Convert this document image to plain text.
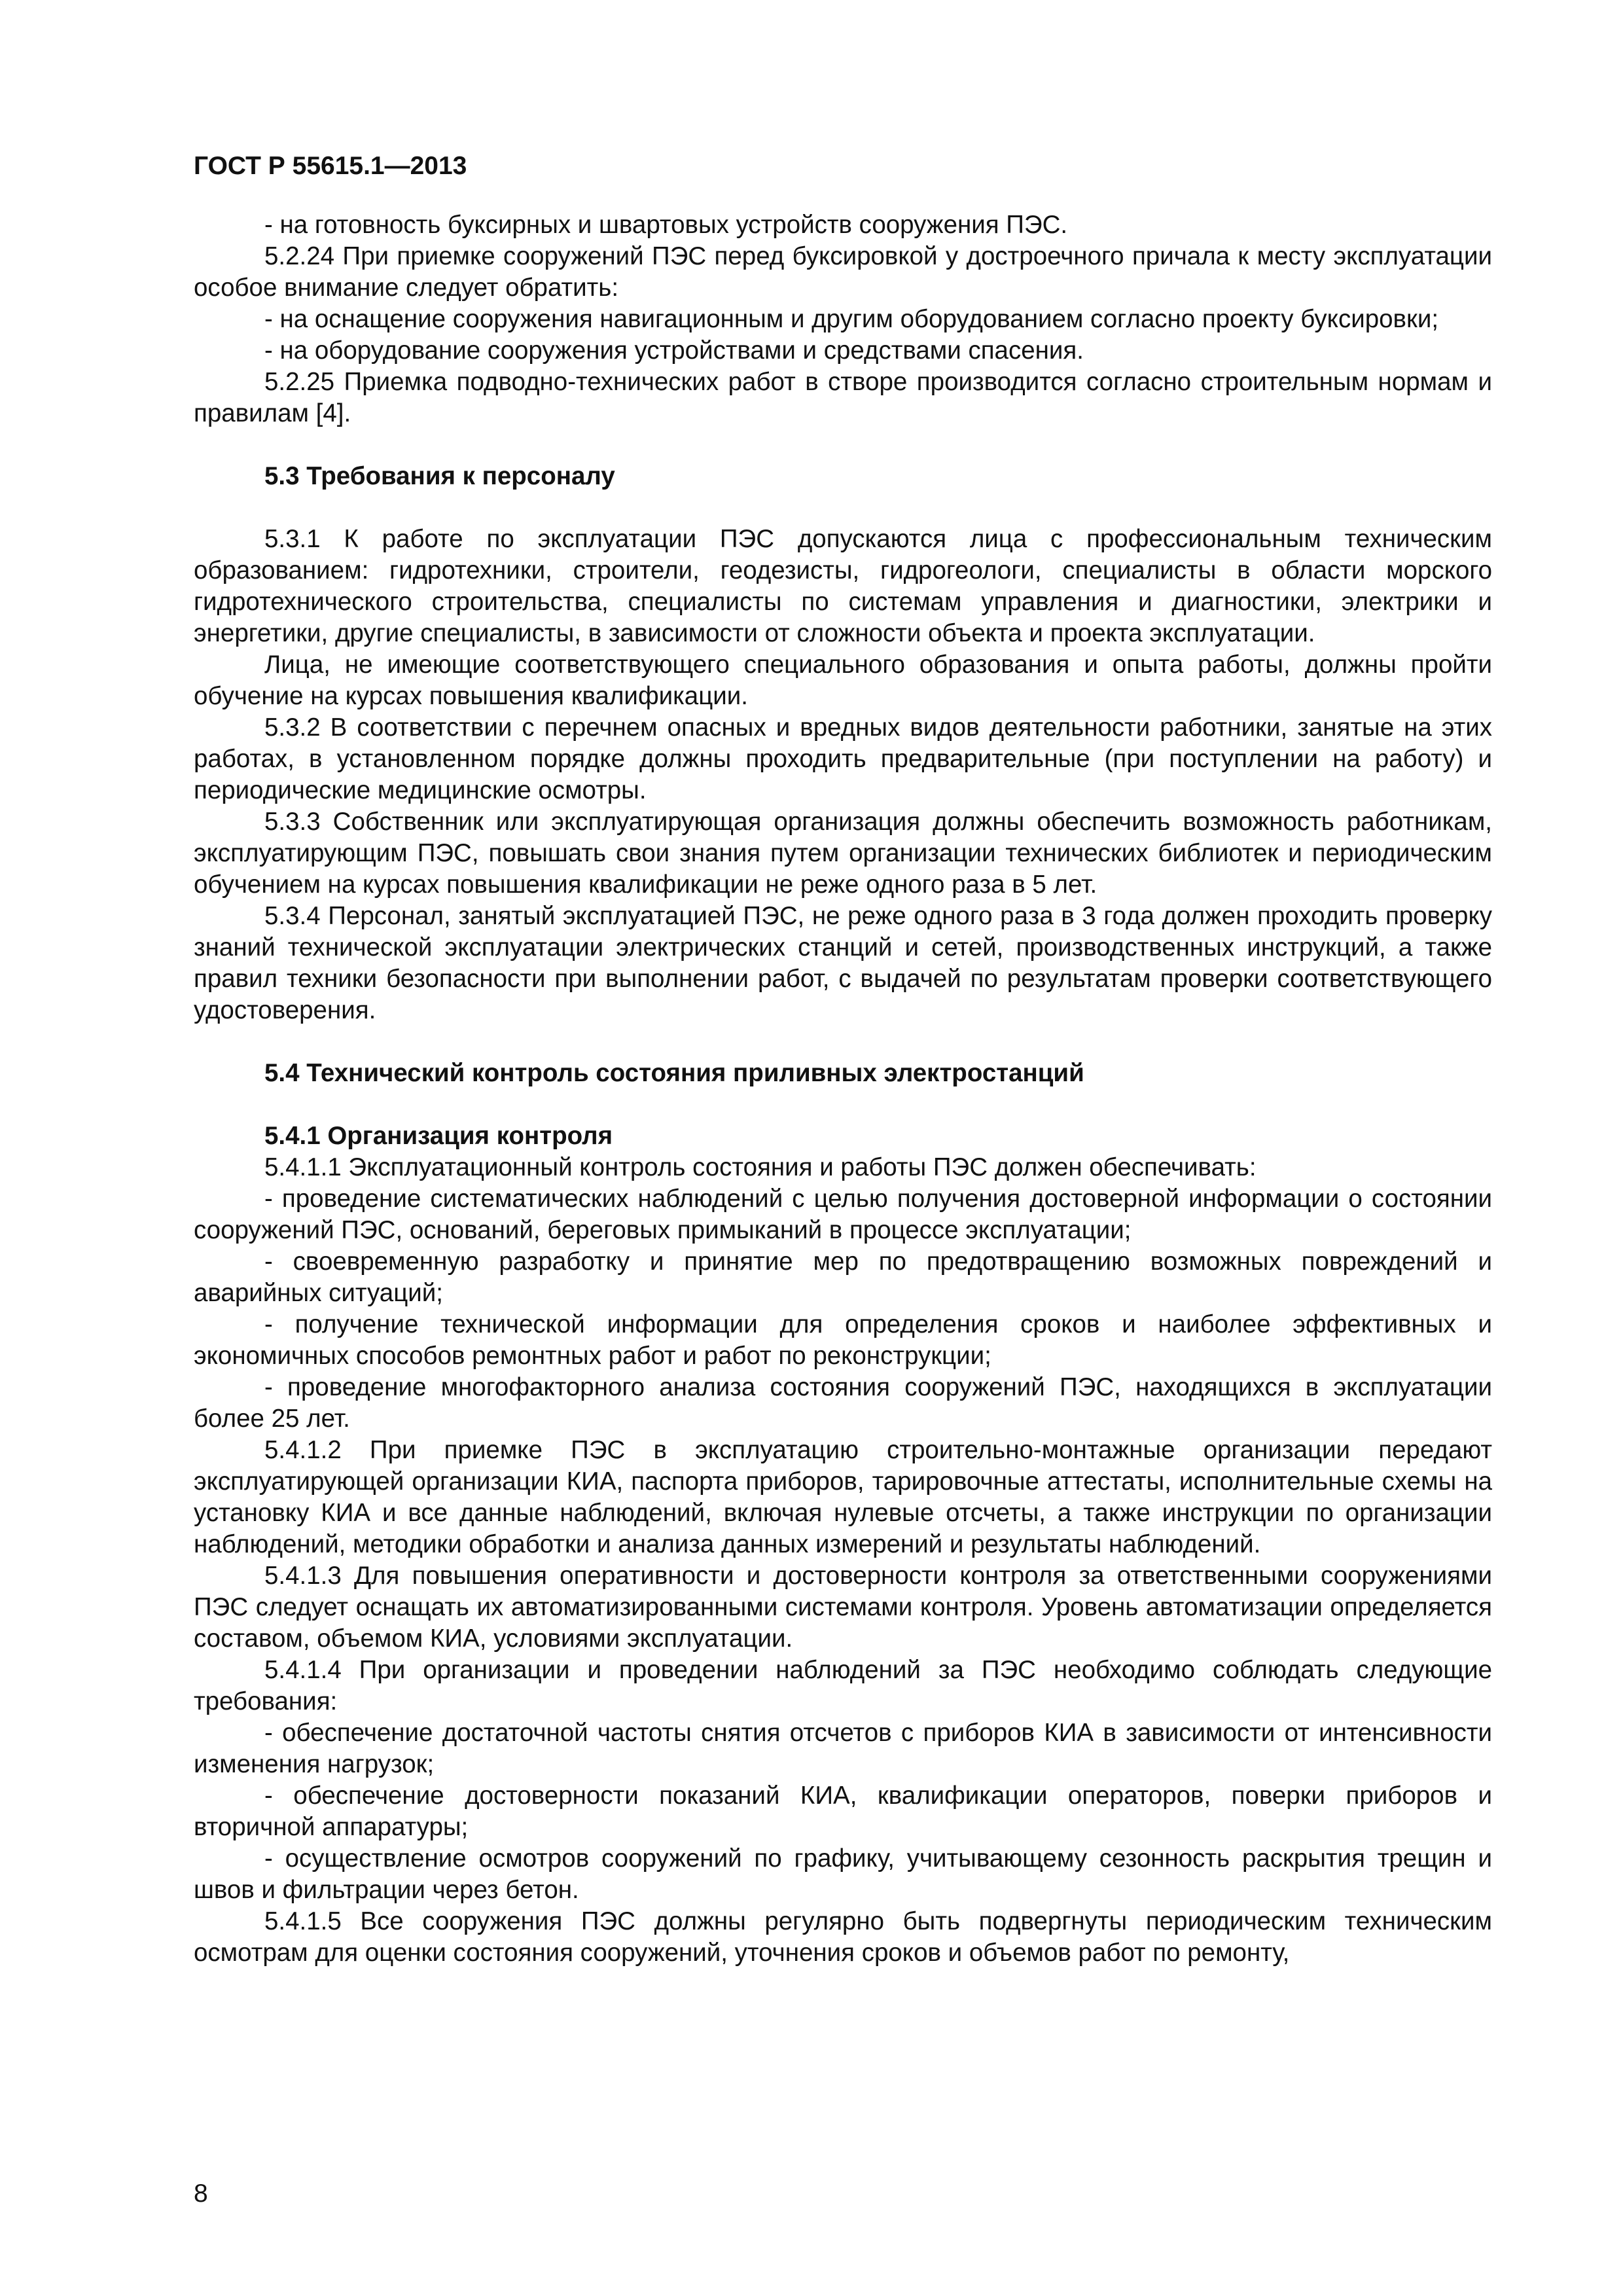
ГОСТ Р 55615.1—2013

- на готовность буксирных и швартовых устройств сооружения ПЭС.

5.2.24 При приемке сооружений ПЭС перед буксировкой у достроечного причала к месту эксплуатации особое внимание следует обратить:

- на оснащение сооружения навигационным и другим оборудованием согласно проекту буксировки;

- на оборудование сооружения устройствами и средствами спасения.

5.2.25 Приемка подводно-технических работ в створе производится согласно строительным нормам и правилам [4].

5.3 Требования к персоналу

5.3.1 К работе по эксплуатации ПЭС допускаются лица с профессиональным техническим образованием: гидротехники, строители, геодезисты, гидрогеологи, специалисты в области морского гидротехнического строительства, специалисты по системам управления и диагностики, электрики и энергетики, другие специалисты, в зависимости от сложности объекта и проекта эксплуатации.

Лица, не имеющие соответствующего специального образования и опыта работы, должны пройти обучение на курсах повышения квалификации.

5.3.2 В соответствии с перечнем опасных и вредных видов деятельности работники, занятые на этих работах, в установленном порядке должны проходить предварительные (при поступлении на работу) и периодические медицинские осмотры.

5.3.3 Собственник или эксплуатирующая организация должны обеспечить возможность работникам, эксплуатирующим ПЭС, повышать свои знания путем организации технических библиотек и периодическим обучением на курсах повышения квалификации не реже одного раза в 5 лет.

5.3.4 Персонал, занятый эксплуатацией ПЭС, не реже одного раза в 3 года должен проходить проверку знаний технической эксплуатации электрических станций и сетей, производственных инструкций, а также правил техники безопасности при выполнении работ, с выдачей по результатам проверки соответствующего удостоверения.

5.4 Технический контроль состояния приливных электростанций

5.4.1 Организация контроля

5.4.1.1 Эксплуатационный контроль состояния и работы ПЭС должен обеспечивать:

- проведение систематических наблюдений с целью получения достоверной информации о состоянии сооружений ПЭС, оснований, береговых примыканий в процессе эксплуатации;

- своевременную разработку и принятие мер по предотвращению возможных повреждений и аварийных ситуаций;

- получение технической информации для определения сроков и наиболее эффективных и экономичных способов ремонтных работ и работ по реконструкции;

- проведение многофакторного анализа состояния сооружений ПЭС, находящихся в эксплуатации более 25 лет.

5.4.1.2 При приемке ПЭС в эксплуатацию строительно-монтажные организации передают эксплуатирующей организации КИА, паспорта приборов, тарировочные аттестаты, исполнительные схемы на установку КИА и все данные наблюдений, включая нулевые отсчеты, а также инструкции по организации наблюдений, методики обработки и анализа данных измерений и результаты наблюдений.

5.4.1.3 Для повышения оперативности и достоверности контроля за ответственными сооружениями ПЭС следует оснащать их автоматизированными системами контроля. Уровень автоматизации определяется составом, объемом КИА, условиями эксплуатации.

5.4.1.4 При организации и проведении наблюдений за ПЭС необходимо соблюдать следующие требования:

- обеспечение достаточной частоты снятия отсчетов с приборов КИА в зависимости от интенсивности изменения нагрузок;

- обеспечение достоверности показаний КИА, квалификации операторов, поверки приборов и вторичной аппаратуры;

- осуществление осмотров сооружений по графику, учитывающему сезонность раскрытия трещин и швов и фильтрации через бетон.

5.4.1.5 Все сооружения ПЭС должны регулярно быть подвергнуты периодическим техническим осмотрам для оценки состояния сооружений, уточнения сроков и объемов работ по ремонту,

8
